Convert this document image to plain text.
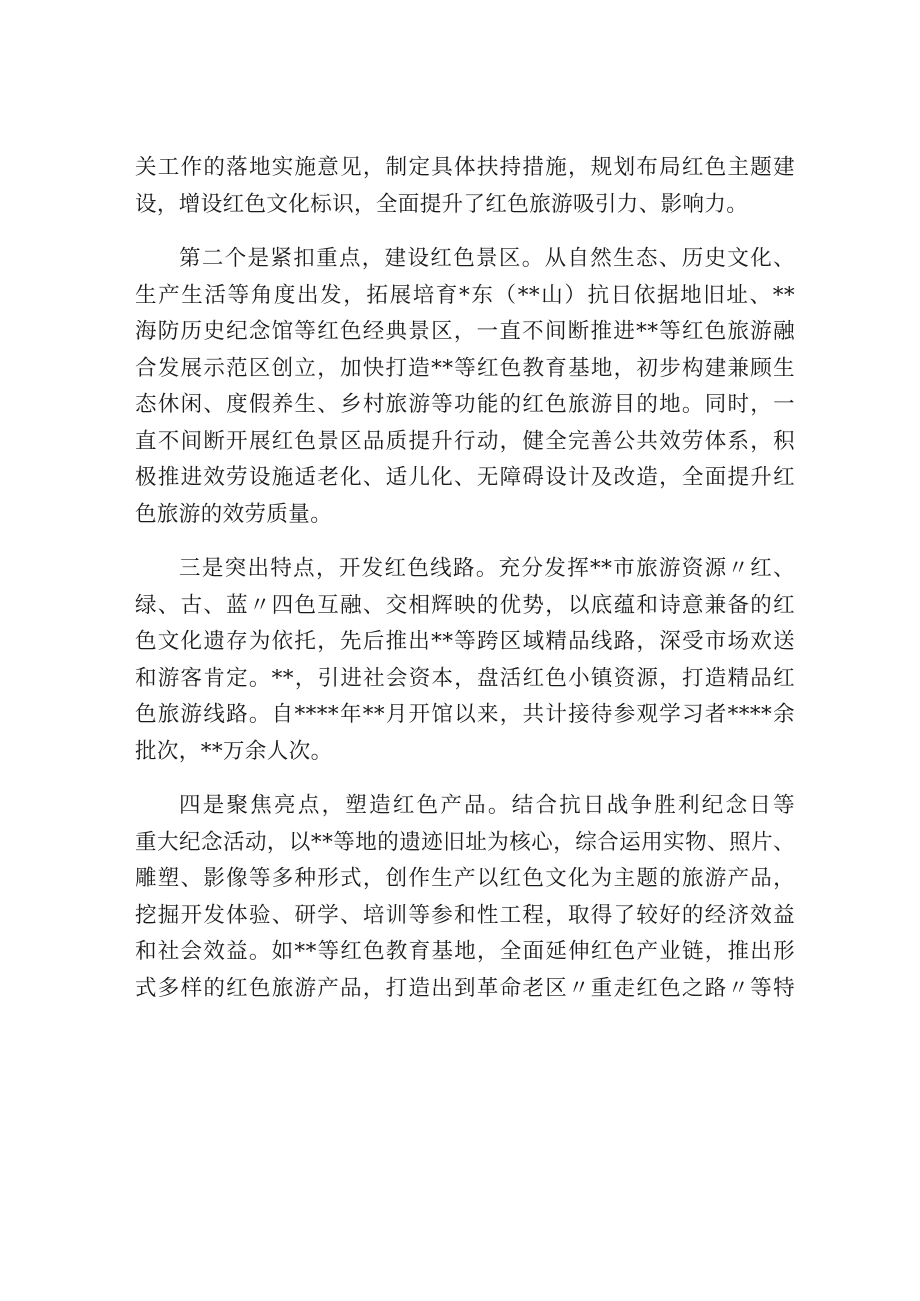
关工作的落地实施意见，制定具体扶持措施，规划布局红色主题建
设，增设红色文化标识，全面提升了红色旅游吸引力、影响力。
第二个是紧扣重点，建设红色景区。从自然生态、历史文化、
生产生活等角度出发，拓展培育*东（**山）抗日依据地旧址、**
海防历史纪念馆等红色经典景区，一直不间断推进**等红色旅游融
合发展示范区创立，加快打造**等红色教育基地，初步构建兼顾生
态休闲、度假养生、乡村旅游等功能的红色旅游目的地。同时，一
直不间断开展红色景区品质提升行动，健全完善公共效劳体系，积
极推进效劳设施适老化、适儿化、无障碍设计及改造，全面提升红
色旅游的效劳质量。
三是突出特点，开发红色线路。充分发挥**市旅游资源〃红、
绿、古、蓝〃四色互融、交相辉映的优势，以底蕴和诗意兼备的红
色文化遗存为依托，先后推出**等跨区域精品线路，深受市场欢送
和游客肯定。**，引进社会资本，盘活红色小镇资源，打造精品红
色旅游线路。自****年**月开馆以来，共计接待参观学习者****余
批次，**万余人次。
四是聚焦亮点，塑造红色产品。结合抗日战争胜利纪念日等
重大纪念活动，以**等地的遗迹旧址为核心，综合运用实物、照片、
雕塑、影像等多种形式，创作生产以红色文化为主题的旅游产品，
挖掘开发体验、研学、培训等参和性工程，取得了较好的经济效益
和社会效益。如**等红色教育基地，全面延伸红色产业链，推出形
式多样的红色旅游产品，打造出到革命老区〃重走红色之路〃等特
